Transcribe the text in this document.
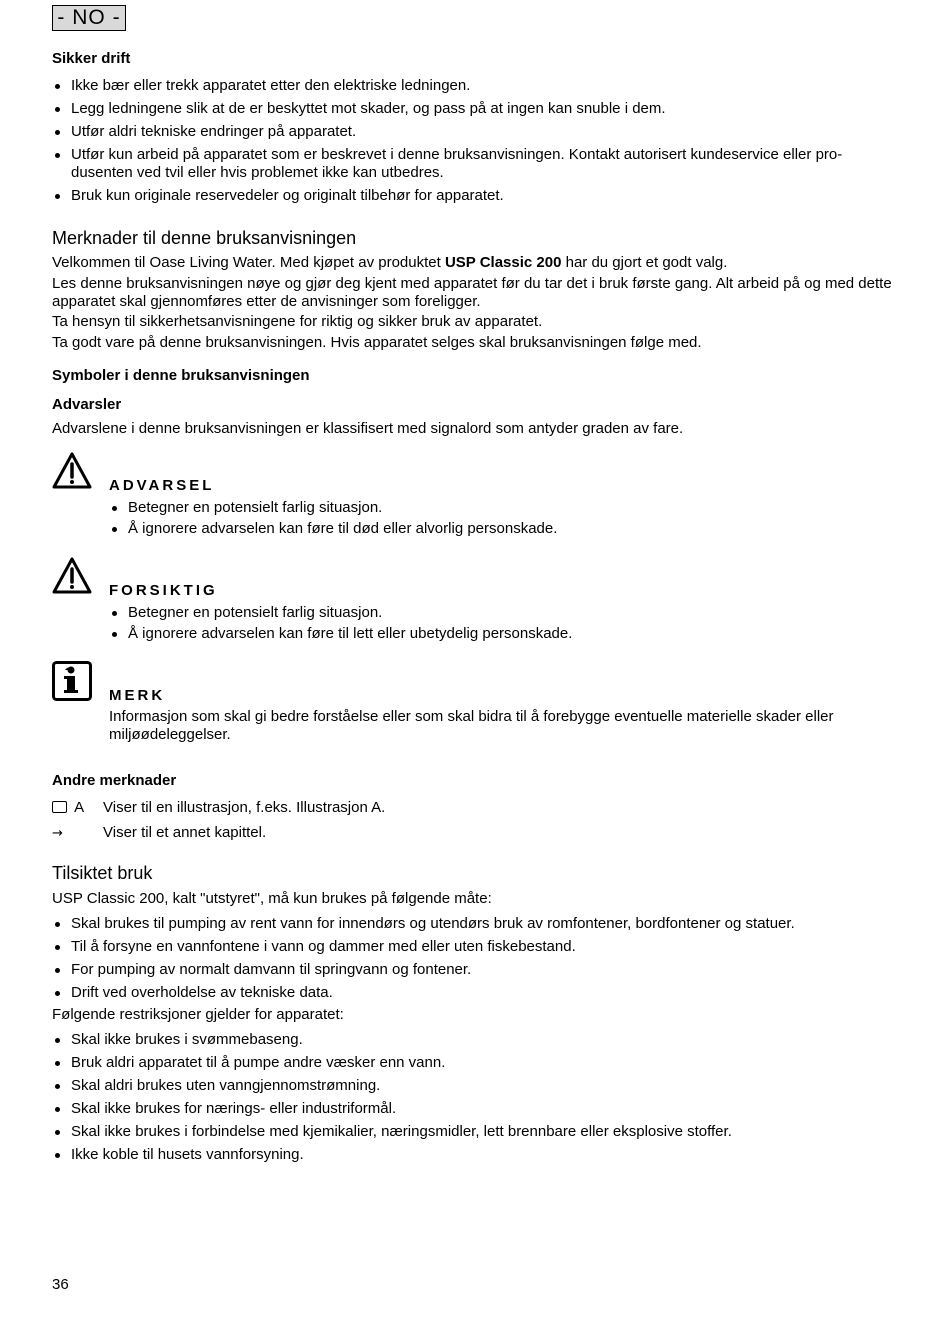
- NO -
Sikker drift
Ikke bær eller trekk apparatet etter den elektriske ledningen.
Legg ledningene slik at de er beskyttet mot skader, og pass på at ingen kan snuble i dem.
Utfør aldri tekniske endringer på apparatet.
Utfør kun arbeid på apparatet som er beskrevet i denne bruksanvisningen. Kontakt autorisert kundeservice eller pro-dusenten ved tvil eller hvis problemet ikke kan utbedres.
Bruk kun originale reservedeler og originalt tilbehør for apparatet.
Merknader til denne bruksanvisningen

Velkommen til Oase Living Water. Med kjøpet av produktet USP Classic 200 har du gjort et godt valg.

Les denne bruksanvisningen nøye og gjør deg kjent med apparatet før du tar det i bruk første gang. Alt arbeid på og med dette apparatet skal gjennomføres etter de anvisninger som foreligger.

Ta hensyn til sikkerhetsanvisningene for riktig og sikker bruk av apparatet.

Ta godt vare på denne bruksanvisningen. Hvis apparatet selges skal bruksanvisningen følge med.

Symboler i denne bruksanvisningen
Advarsler

Advarslene i denne bruksanvisningen er klassifisert med signalord som antyder graden av fare.

ADVARSEL
Betegner en potensielt farlig situasjon.
Å ignorere advarselen kan føre til død eller alvorlig personskade.
FORSIKTIG
Betegner en potensielt farlig situasjon.
Å ignorere advarselen kan føre til lett eller ubetydelig personskade.
MERK

Informasjon som skal gi bedre forståelse eller som skal bidra til å forebygge eventuelle materielle skader eller miljøødeleggelser.

Andre merknader
A Viser til en illustrasjon, f.eks. Illustrasjon A.
→	Viser til et annet kapittel.
Tilsiktet bruk

USP Classic 200, kalt "utstyret", må kun brukes på følgende måte:

Skal brukes til pumping av rent vann for innendørs og utendørs bruk av romfontener, bordfontener og statuer.
Til å forsyne en vannfontene i vann og dammer med eller uten fiskebestand.
For pumping av normalt damvann til springvann og fontener.
Drift ved overholdelse av tekniske data.

Følgende restriksjoner gjelder for apparatet:

Skal ikke brukes i svømmebaseng.
Bruk aldri apparatet til å pumpe andre væsker enn vann.
Skal aldri brukes uten vanngjennomstrømning.
Skal ikke brukes for nærings- eller industriformål.
Skal ikke brukes i forbindelse med kjemikalier, næringsmidler, lett brennbare eller eksplosive stoffer.
Ikke koble til husets vannforsyning.
36
